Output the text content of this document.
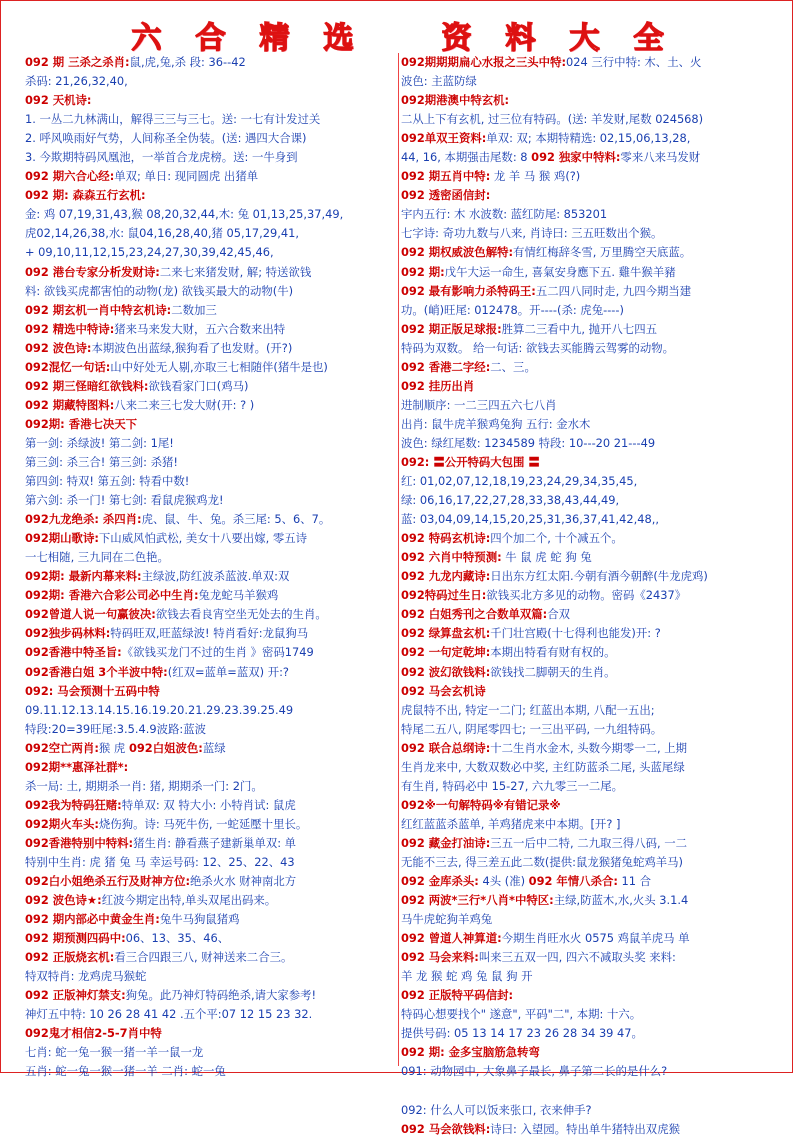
六 合 精 选	资 料 大 全
092 期 三杀之杀肖:鼠,虎,兔,杀 段: 36--42
杀码: 21,26,32,40,
092 天机诗:
1. 一丛二九林满山，解得三三与三七。送: 一七有计发过关
2. 呼风唤雨好气势，人间称圣全伪装。(送: 遇四大合课)
3. 今欺期特码风凰池，一举首合龙虎榜。送: 一牛身到
092 期六合心经:单双; 单日: 现同圆虎 出猪单
092 期: 森森五行玄机:
金: 鸡 07,19,31,43,猴 08,20,32,44,木: 兔 01,13,25,37,49,
虎02,14,26,38,水: 鼠04,16,28,40,猪 05,17,29,41,
+ 09,10,11,12,15,23,24,27,30,39,42,45,46,
092 港台专家分析发财诗:二来七来猪发财, 解; 特送欲钱
料: 欲钱买虎都害怕的动物(龙) 欲钱买最大的动物(牛)
092 期玄机一肖中特玄机诗:二数加三
092 精选中特诗:猪来马来发大财，五六合数来出特
092 波色诗:本期波色出蓝绿,猴狗看了也发财。(开?)
092混忆一句话:山中好处无人剔,亦取三七相随伴(猪牛是也)
092 期三怪暗红欲钱料:欲钱看家门口(鸡马)
092 期藏特图料:八来二来三七发大财(开: ? )
092期: 香港七决天下
第一剑: 杀绿波! 第二剑: 1尾!
第三剑: 杀三合! 第三剑: 杀猪!
第四剑: 特双! 第五剑: 特看中数!
第六剑: 杀一门! 第七剑: 看鼠虎猴鸡龙!
092九龙绝杀: 杀四肖:虎、鼠、牛、兔。杀三尾: 5、6、7。
092期山歌诗:下山威风怕武松, 美女十八要出嫁, 零五诗
一七相随, 三九同在二色艳。
092期: 最新内幕来料:主绿波,防红波杀蓝波.单双:双
092期: 香港六合彩公司必中生肖:兔龙蛇马羊猴鸡
092曾道人说一句赢彼决:欲钱去看良宵空坐无处去的生肖。
092独步码林料:特码旺双,旺蓝绿波! 特肖看好:龙鼠狗马
092香港中特圣旨:《欲钱买龙门不过的生肖 》密码1749
092香港白姐 3个半波中特:(红双=蓝单=蓝双) 开:?
092: 马会预测十五码中特
09.11.12.13.14.15.16.19.20.21.29.23.39.25.49
特段:20=39旺尾:3.5.4.9波路:蓝波
092空亡两肖:猴 虎 092白姐波色:蓝绿
092期**惠泽社群*:
杀一局: 土, 期期杀一肖: 猪, 期期杀一门: 2门。
092我为特码狂赌:特单双: 双 特大小: 小特肖试: 鼠虎
092期火车头:烧伤狗。诗: 马死牛伤, 一蛇延壓十里长。
092香港特别中特料:猪生肖: 静看燕子建新巢单双: 单
特别中生肖: 虎 猪 兔 马 幸运号码: 12、25、22、43
092白小姐绝杀五行及财神方位:绝杀火水 财神南北方
092 波色诗★:红波今期定出特,单头双尾出码来。
092 期内部必中黄金生肖:兔牛马狗鼠猪鸡
092 期预测四码中:06、13、35、46、
092 正版烧玄机:看三合四跟三八, 财神送来二合三。
特双特肖: 龙鸡虎马猴蛇
092 正版神灯禁支:狗兔。此乃神灯特码绝杀,请大家参考!
神灯五中特: 10 26 28 41 42 .五个平:07 12 15 23 32.
092鬼才相信2-5-7肖中特
七肖: 蛇一兔一猴一猪一羊一鼠一龙
五肖: 蛇一兔一猴一猪一羊 二肖: 蛇一兔
092期期期扁心水报之三头中特:024 三行中特: 木、土、火
波色: 主蓝防绿
092期港澳中特玄机:
二从上下有玄机, 过三位有特码。(送: 羊发财,尾数 024568)
092单双王资料:单双: 双; 本期特精选: 02,15,06,13,28,
44, 16, 本期强击尾数: 8 092 独家中特料:零来八来马发财
092 期五肖中特: 龙 羊 马 猴 鸡(?)
092 透密函信封:
宇内五行: 木 水波数: 蓝红防尾: 853201
七字诗: 奇功九数与八来, 肖诗曰: 三五旺数出个猴。
092 期权威波色解特:有情红梅辞冬雪, 万里腾空天底蓝。
092 期:戊午大运一命生, 喜氣安身應下五. 雞牛猴羊豬
092 最有影响力杀特码王:五二四八同时走, 九四今期当建
功。(峭)旺尾: 012478。开----(杀: 虎兔----)
092 期正版足球报:胜算二三看中九, 抛开八七四五
特码为双数。 给一句话: 欲钱去买能腾云驾雾的动物。
092 香港二字经:二、三。
092 挂历出肖
进制顺序: 一二三四五六七八肖
出肖: 鼠牛虎羊猴鸡兔狗 五行: 金水木
波色: 绿红尾数: 1234589 特段: 10---20 21---49
092: 〓公开特码大包围 〓
红: 01,02,07,12,18,19,23,24,29,34,35,45,
绿: 06,16,17,22,27,28,33,38,43,44,49,
蓝: 03,04,09,14,15,20,25,31,36,37,41,42,48,,
092 特码玄机诗:四个加二个, 十个减五个。
092 六肖中特预测: 牛 鼠 虎 蛇 狗 兔
092 九龙内藏诗:日出东方红太阳.今朝有酒今朝醉(牛龙虎鸡)
092特码过生日:欲钱买北方多见的动物。密码《2437》
092 白姐秀刊之合数单双篇:合双
092 绿算盘玄机:千门壮宫殿(十七得利也能发)开: ?
092 一句定乾坤:本期出特看有财有权的。
092 波幻欲钱料:欲钱找二脚朝天的生肖。
092 马会玄机诗
虎鼠特不出, 特定一二门; 红蓝出本期, 八配一五出;
特尾二五八, 阴尾零四七; 一三出平码, 一九组特码。
092 联合总纲诗:十二生肖水金木, 头数今期零一二, 上期
生肖龙来中, 大数双数必中奖, 主红防蓝杀二尾, 头蓝尾绿
有生肖, 特码必中 15-27, 六九零三一二尾。
092※一句解特码※有错记录※
红红蓝蓝杀蓝单, 羊鸡猪虎来中本期。[开? ]
092 藏金打油诗:三五一后中二特, 二九取三得八码, 一二
无能不三去, 得三差五此二数(提供:鼠龙猴猪兔蛇鸡羊马)
092 金库杀头: 4头 (准) 092 年情八杀合: 11 合
092 两波*三行*八肖*中特区:主绿,防蓝木,水,火头 3.1.4
马牛虎蛇狗羊鸡兔
092 曾道人神算道:今期生肖旺水火 0575 鸡鼠羊虎马 单
092 马会来料:叫来三五双一四, 四六不减取头奖 来料:
羊 龙 猴 蛇 鸡 兔 鼠 狗 开
092 正版特平码信封:
特码心想要找个" 遂意", 平码"二", 本期: 十六。
提供号码: 05 13 14 17 23 26 28 34 39 47。
092 期: 金多宝脑筋急转弯
091: 动物园中, 大象鼻子最长, 鼻子第二长的是什么?
092: 什么人可以饭来张口, 衣来伸手?
092 马会欲钱料:诗曰: 入望园。特出单牛猪特出双虎猴
